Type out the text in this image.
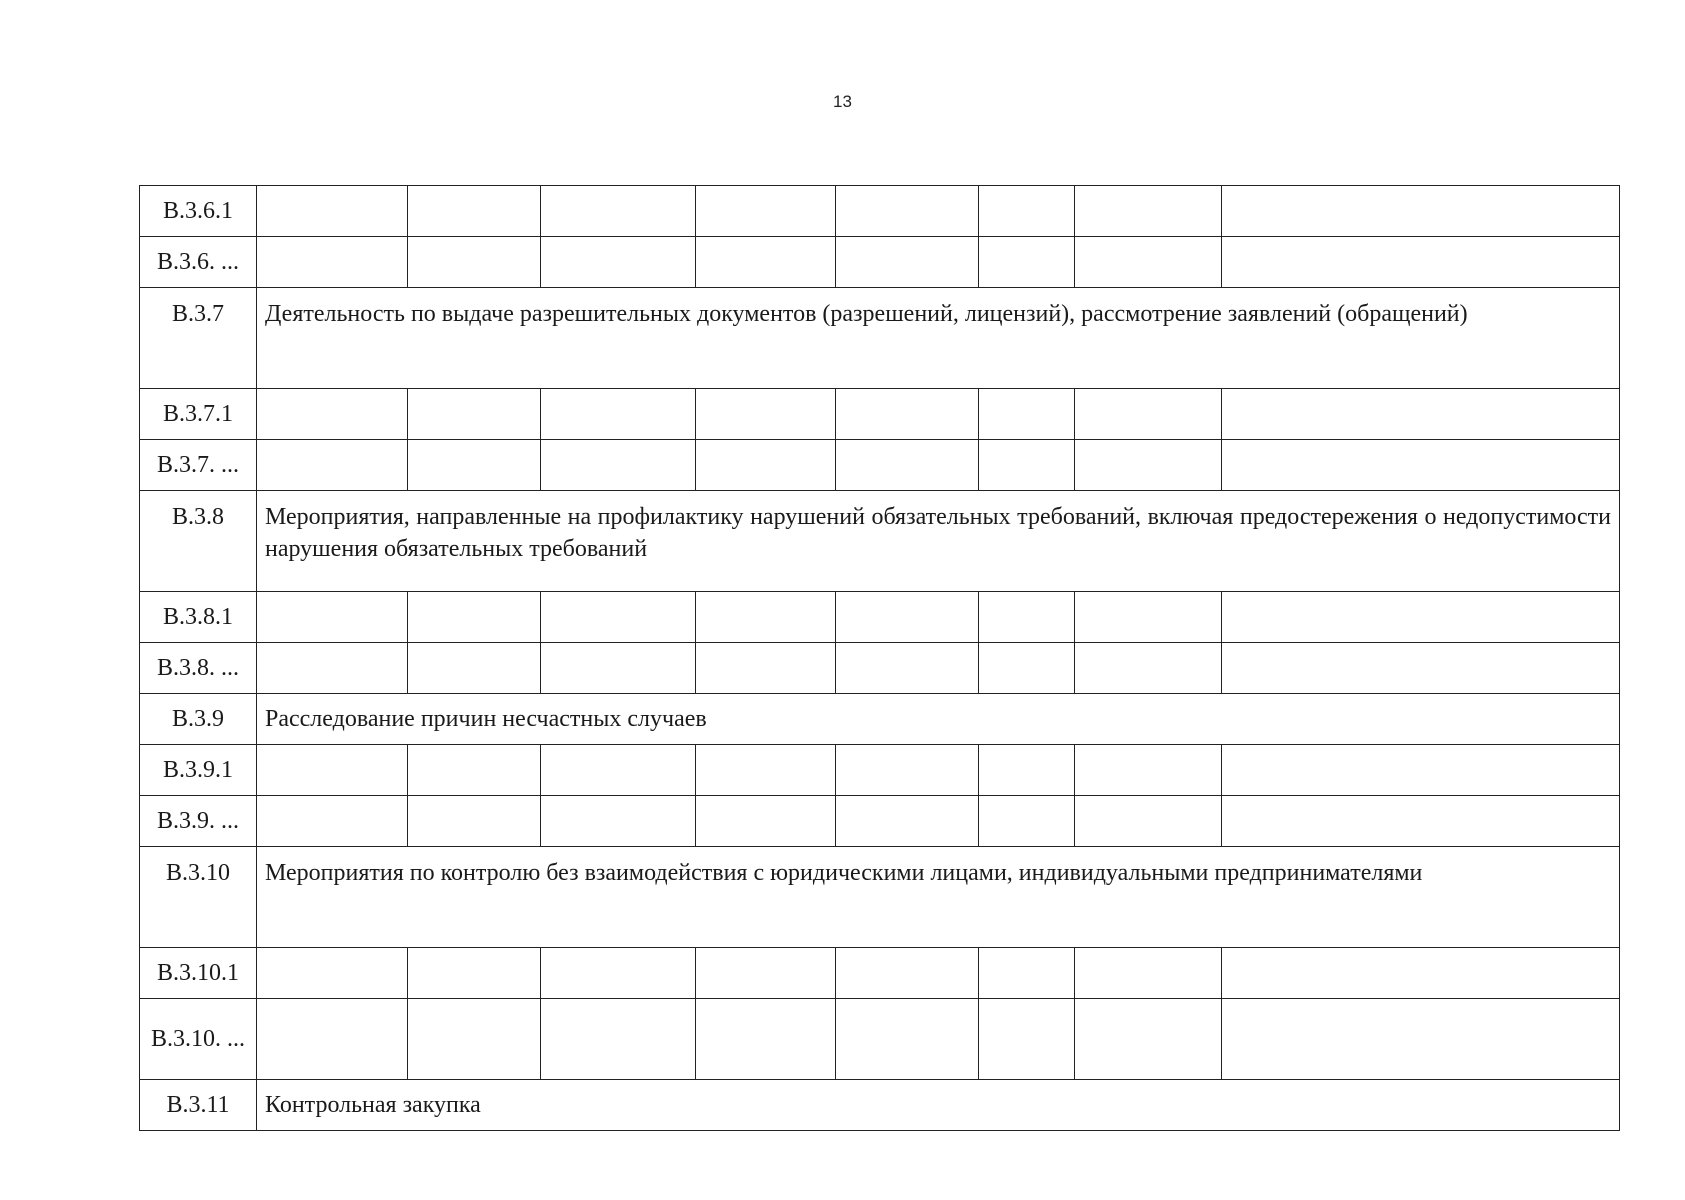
13
В.3.6.1								
В.3.6. ...								
В.3.7	Деятельность по выдаче разрешительных документов (разрешений, лицензий), рассмотрение заявлений (обращений)							
В.3.7.1								
В.3.7. ...								
В.3.8	Мероприятия, направленные на профилактику нарушений обязательных требований, включая предостережения о недопустимости нарушения обязательных требований							
В.3.8.1								
В.3.8. ...								
В.3.9	Расследование причин несчастных случаев							
В.3.9.1								
В.3.9. ...								
В.3.10	Мероприятия по контролю без взаимодействия с юридическими лицами, индивидуальными предпринимателями							
В.3.10.1								
В.3.10. ...								
В.3.11	Контрольная закупка							
